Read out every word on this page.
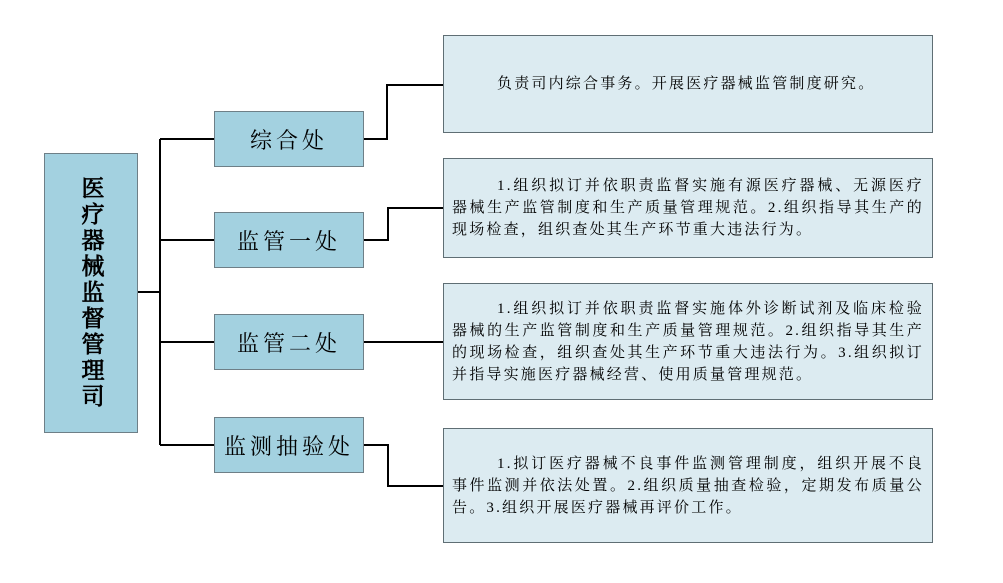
医疗器械监督管理司
综合处
监管一处
监管二处
监测抽验处
负责司内综合事务。开展医疗器械监管制度研究。
1.组织拟订并依职责监督实施有源医疗器械、无源医疗器械生产监管制度和生产质量管理规范。2.组织指导其生产的现场检查，组织查处其生产环节重大违法行为。
1.组织拟订并依职责监督实施体外诊断试剂及临床检验器械的生产监管制度和生产质量管理规范。2.组织指导其生产的现场检查，组织查处其生产环节重大违法行为。3.组织拟订并指导实施医疗器械经营、使用质量管理规范。
1.拟订医疗器械不良事件监测管理制度，组织开展不良事件监测并依法处置。2.组织质量抽查检验，定期发布质量公告。3.组织开展医疗器械再评价工作。
